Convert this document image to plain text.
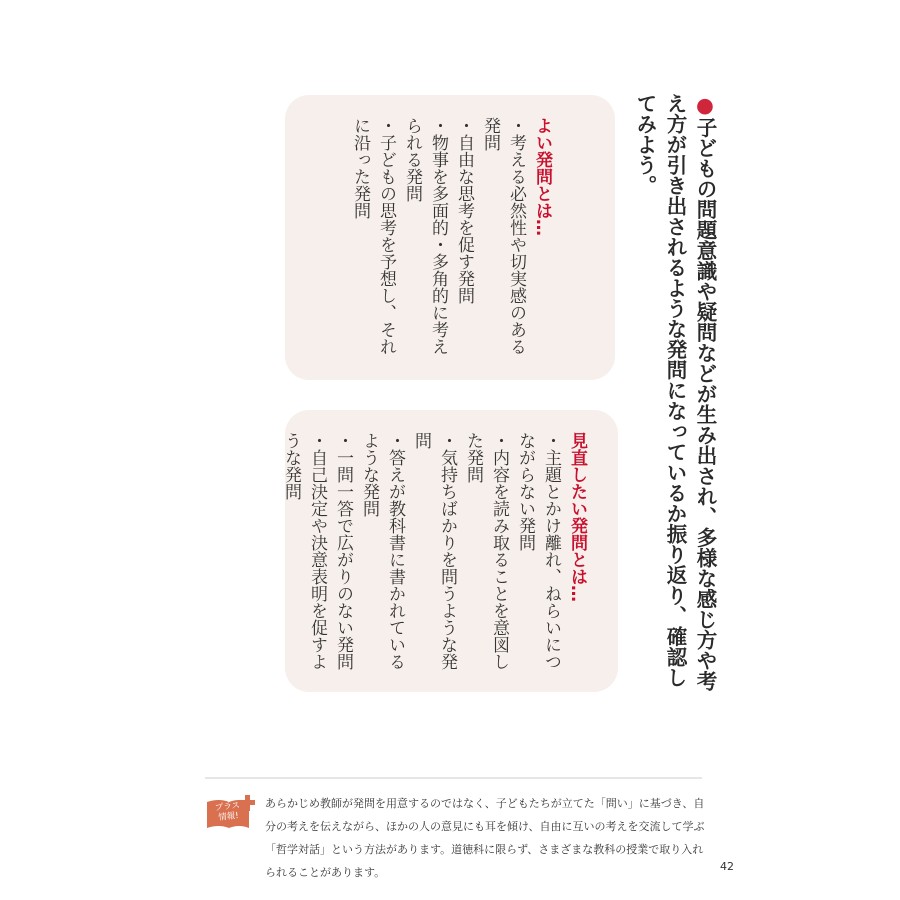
●子どもの問題意識や疑問などが生み出され、多様な感じ方や考え方が引き出されるような発問になっているか振り返り、確認してみよう。
よい発問とは…
・考える必然性や切実感のある発問
・自由な思考を促す発問
・物事を多面的・多角的に考えられる発問
・子どもの思考を予想し、それに沿った発問
見直したい発問とは…
・主題とかけ離れ、ねらいにつながらない発問
・内容を読み取ることを意図した発問
・気持ちばかりを問うような発問
・答えが教科書に書かれているような発問
・一問一答で広がりのない発問
・自己決定や決意表明を促すような発問
プラス情報!
あらかじめ教師が発問を用意するのではなく、子どもたちが立てた「問い」に基づき、自分の考えを伝えながら、ほかの人の意見にも耳を傾け、自由に互いの考えを交流して学ぶ「哲学対話」という方法があります。道徳科に限らず、さまざまな教科の授業で取り入れられることがあります。	42
